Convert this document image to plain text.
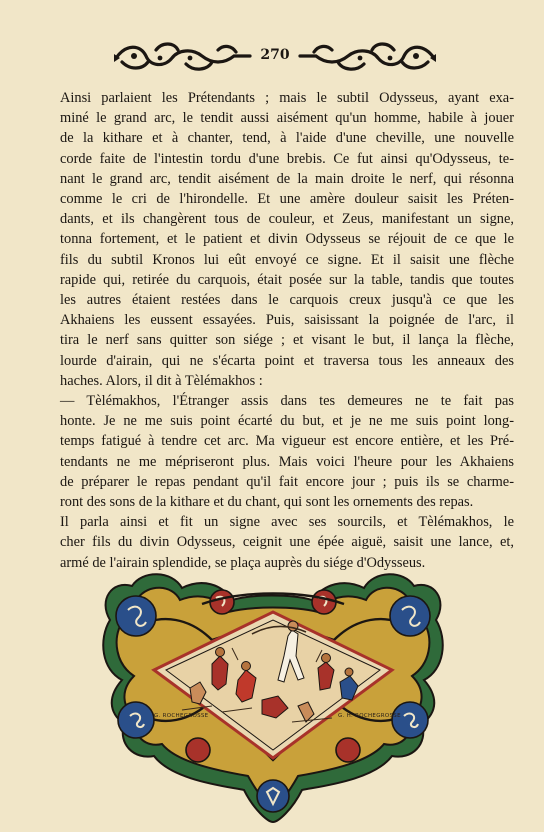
270

Ainsi parlaient les Prétendants ; mais le subtil Odysseus, ayant exa-
miné le grand arc, le tendit aussi aisément qu'un homme, habile à jouer
de la kithare et à chanter, tend, à l'aide d'une cheville, une nouvelle
corde faite de l'intestin tordu d'une brebis. Ce fut ainsi qu'Odysseus, te-
nant le grand arc, tendit aisément de la main droite le nerf, qui résonna
comme le cri de l'hirondelle. Et une amère douleur saisit les Préten-
dants, et ils changèrent tous de couleur, et Zeus, manifestant un signe,
tonna fortement, et le patient et divin Odysseus se réjouit de ce que le
fils du subtil Kronos lui eût envoyé ce signe. Et il saisit une flèche
rapide qui, retirée du carquois, était posée sur la table, tandis que toutes
les autres étaient restées dans le carquois creux jusqu'à ce que les
Akhaiens les eussent essayées. Puis, saisissant la poignée de l'arc, il
tira le nerf sans quitter son siége ; et visant le but, il lança la flèche,
lourde d'airain, qui ne s'écarta point et traversa tous les anneaux des
haches. Alors, il dit à Tèlémakhos :

— Tèlémakhos, l'Étranger assis dans tes demeures ne te fait pas
honte. Je ne me suis point écarté du but, et je ne me suis point long-
temps fatigué à tendre cet arc. Ma vigueur est encore entière, et les Pré-
tendants ne me mépriseront plus. Mais voici l'heure pour les Akhaiens
de préparer le repas pendant qu'il fait encore jour ; puis ils se charme-
ront des sons de la kithare et du chant, qui sont les ornements des repas.

Il parla ainsi et fit un signe avec ses sourcils, et Tèlémakhos, le
cher fils du divin Odysseus, ceignit une épée aiguë, saisit une lance, et,
armé de l'airain splendide, se plaça auprès du siége d'Odysseus.

G. ROCHEGROSSE	G. H. ROCHEGROSSE
